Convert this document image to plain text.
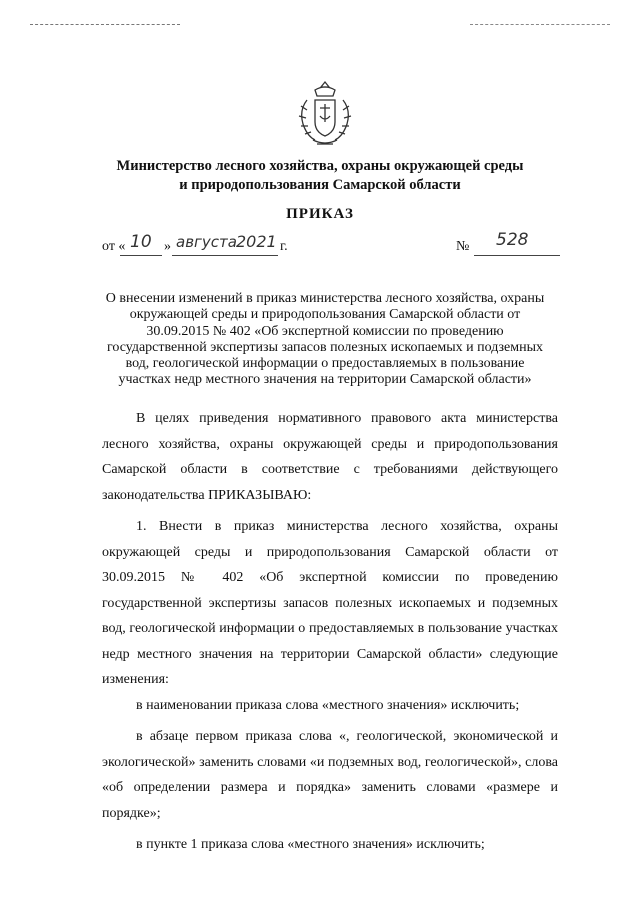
Министерство лесного хозяйства, охраны окружающей среды
и природопользования Самарской области
ПРИКАЗ
от « 10 » августа 2021 г.	№ 528
О внесении изменений в приказ министерства лесного хозяйства, охраны
окружающей среды и природопользования Самарской области от
30.09.2015 № 402 «Об экспертной комиссии по проведению
государственной экспертизы запасов полезных ископаемых и подземных
вод, геологической информации о предоставляемых в пользование
участках недр местного значения на территории Самарской области»

В целях приведения нормативного правового акта министерства лесного хозяйства, охраны окружающей среды и природопользования Самарской области в соответствие с требованиями действующего законодательства ПРИКАЗЫВАЮ:

1. Внести в приказ министерства лесного хозяйства, охраны окружающей среды и природопользования Самарской области от 30.09.2015 № 402 «Об экспертной комиссии по проведению государственной экспертизы запасов полезных ископаемых и подземных вод, геологической информации о предоставляемых в пользование участках недр местного значения на территории Самарской области» следующие изменения:

в наименовании приказа слова «местного значения» исключить;

в абзаце первом приказа слова «, геологической, экономической и экологической» заменить словами «и подземных вод, геологической», слова «об определении размера и порядка» заменить словами «размере и порядке»;

в пункте 1 приказа слова «местного значения» исключить;
